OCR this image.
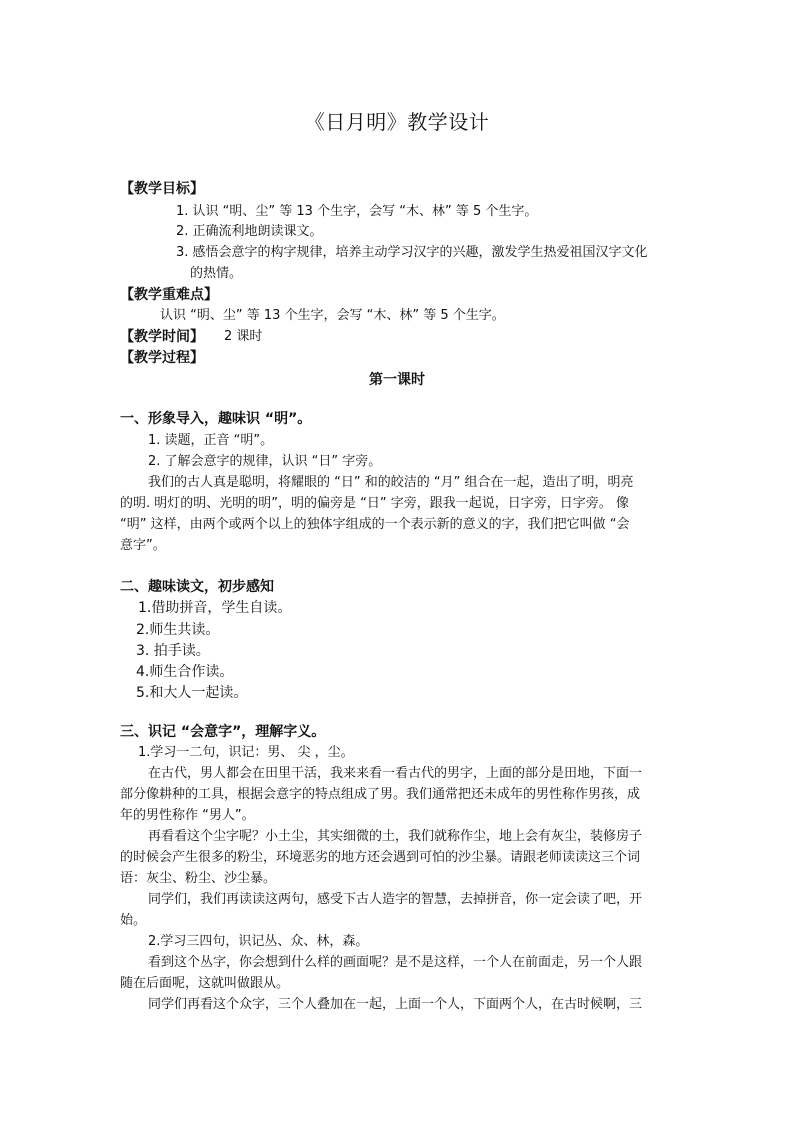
《日月明》教学设计
【教学目标】
1. 认识 “明、尘” 等 13 个生字，会写 “木、林” 等 5 个生字。
2. 正确流利地朗读课文。
3. 感悟会意字的构字规律，培养主动学习汉字的兴趣，激发学生热爱祖国汉字文化
的热情。
【教学重难点】
认识 “明、尘” 等 13 个生字，会写 “木、林” 等 5 个生字。
【教学时间】 2 课时
【教学过程】
第一课时
一、形象导入，趣味识 “明”。
1. 读题，正音 “明”。
2. 了解会意字的规律，认识 “日” 字旁。
我们的古人真是聪明，将耀眼的 “日” 和的皎洁的 “月” 组合在一起，造出了明，明亮
的明. 明灯的明、光明的明”，明的偏旁是 “日” 字旁，跟我一起说，日字旁，日字旁。 像
“明” 这样，由两个或两个以上的独体字组成的一个表示新的意义的字，我们把它叫做 “会
意字”。
二、趣味读文，初步感知
1.借助拼音，学生自读。
2.师生共读。
3. 拍手读。
4.师生合作读。
5.和大人一起读。
三、识记 “会意字”，理解字义。
1.学习一二句，识记：男、 尖 ，尘。
在古代，男人都会在田里干活，我来来看一看古代的男字，上面的部分是田地，下面一
部分像耕种的工具，根据会意字的特点组成了男。我们通常把还未成年的男性称作男孩，成
年的男性称作 “男人”。
再看看这个尘字呢？小土尘，其实细微的土，我们就称作尘，地上会有灰尘，装修房子
的时候会产生很多的粉尘，环境恶劣的地方还会遇到可怕的沙尘暴。请跟老师读读这三个词
语：灰尘、粉尘、沙尘暴。
同学们，我们再读读这两句，感受下古人造字的智慧，去掉拼音，你一定会读了吧，开
始。
2.学习三四句，识记丛、众、林，森。
看到这个丛字，你会想到什么样的画面呢？是不是这样，一个人在前面走，另一个人跟
随在后面呢，这就叫做跟从。
同学们再看这个众字，三个人叠加在一起，上面一个人，下面两个人，在古时候啊，三
